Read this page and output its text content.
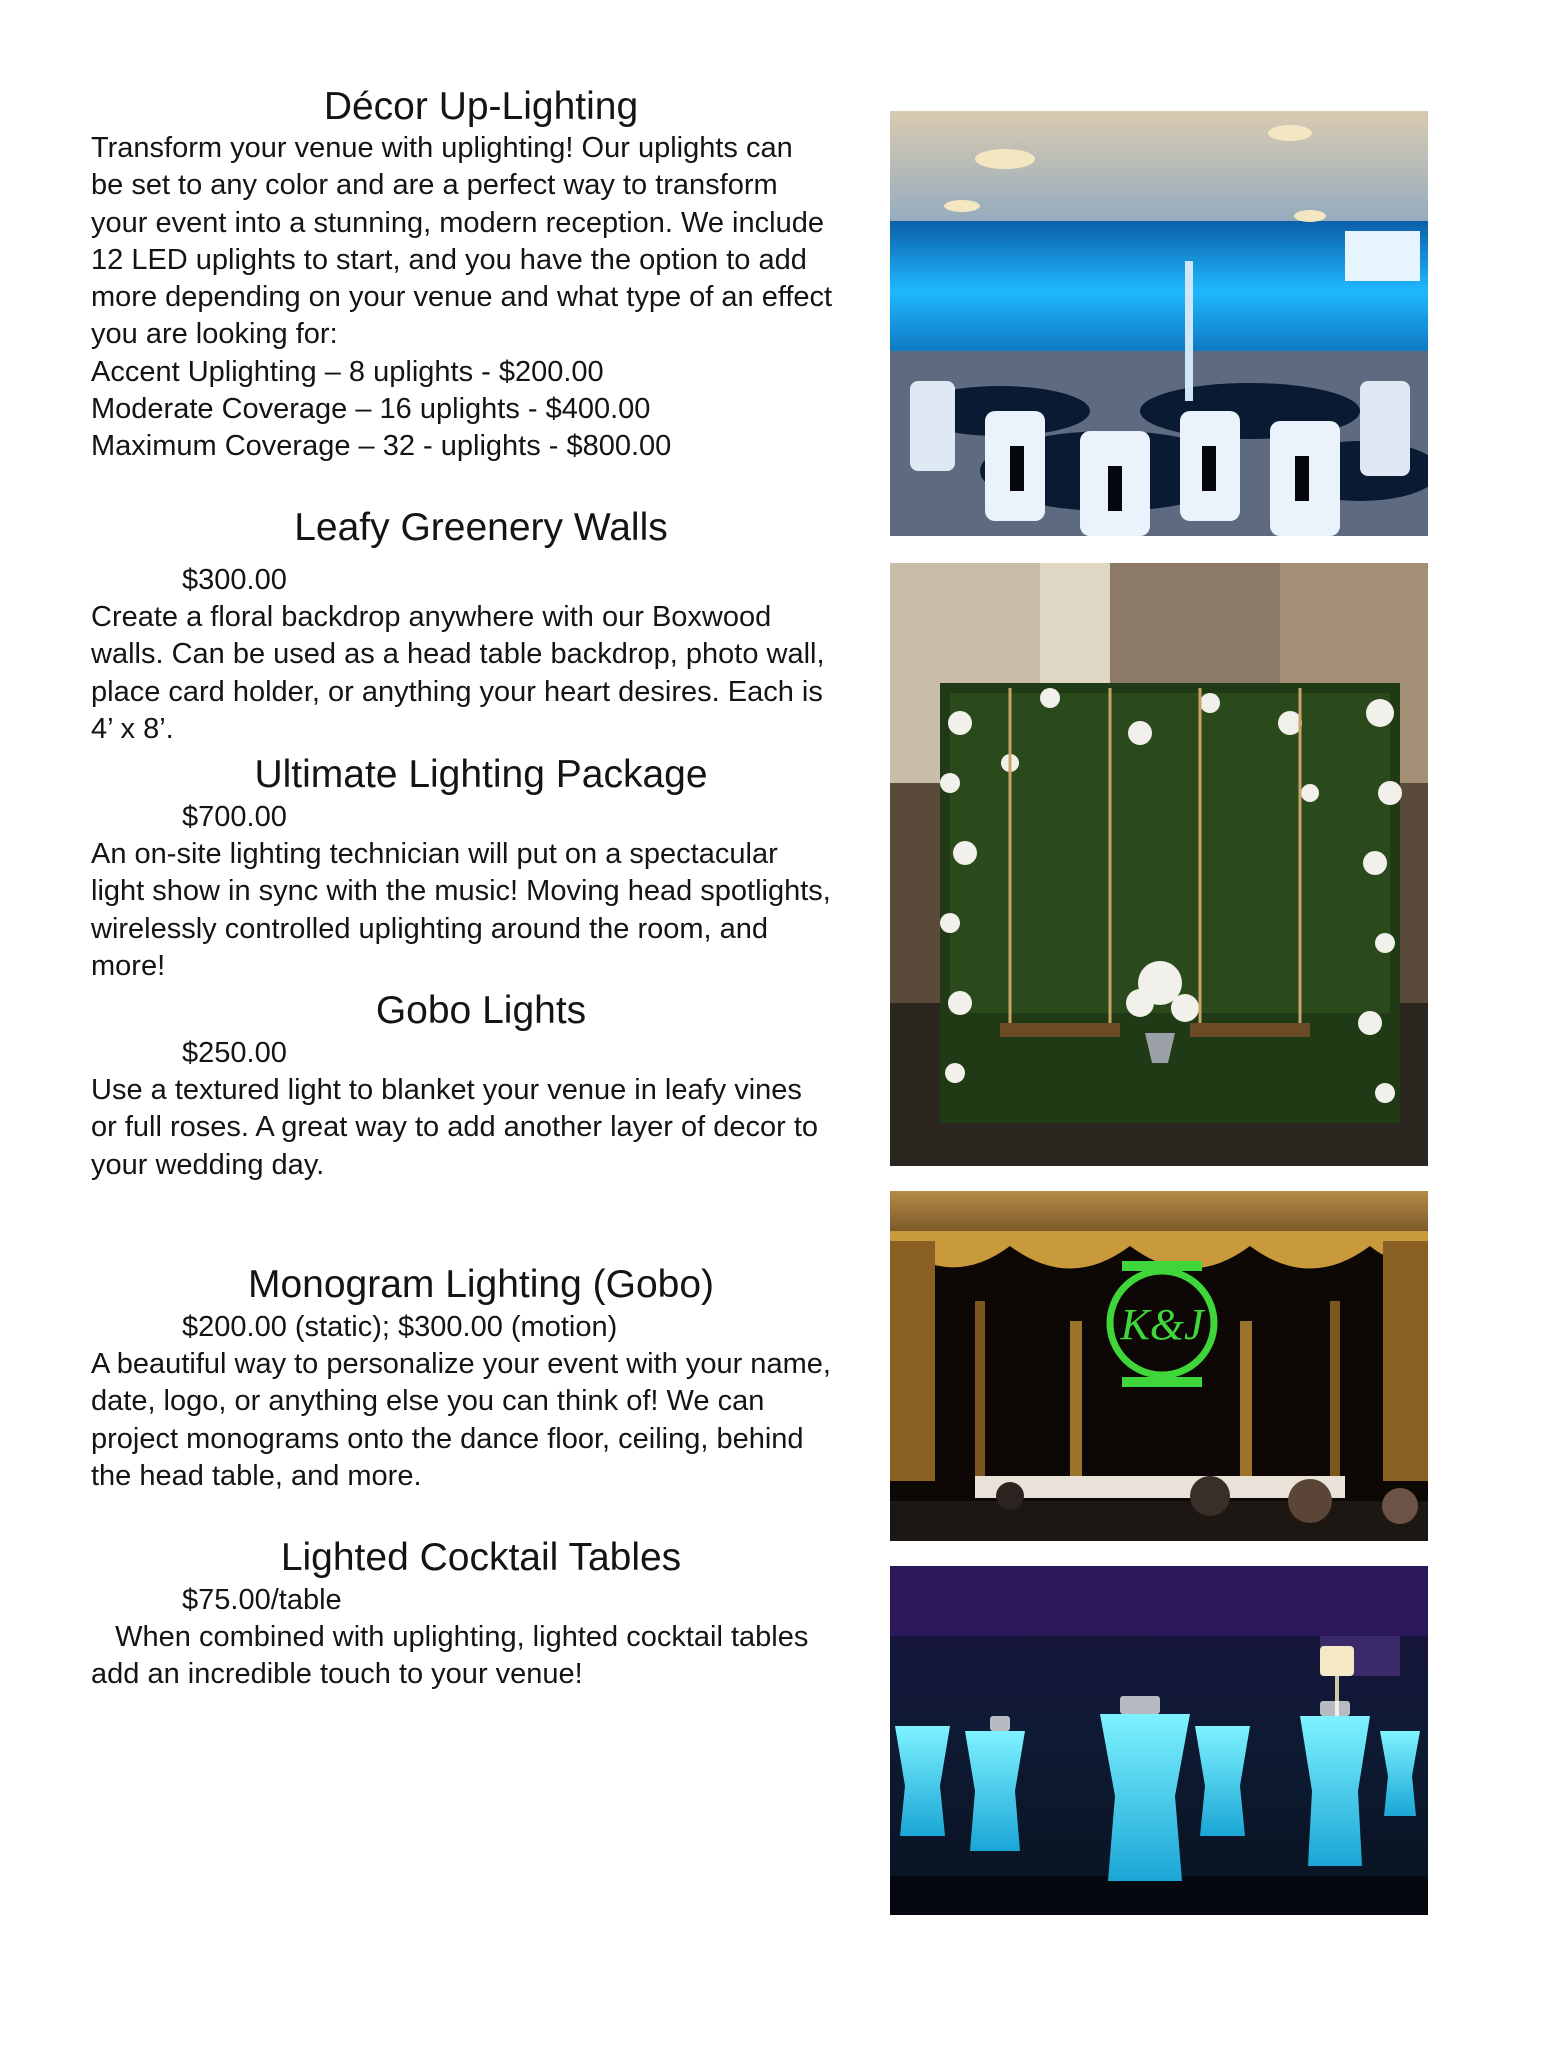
Décor Up-Lighting
Transform your venue with uplighting! Our uplights can
be set to any color and are a perfect way to transform
your event into a stunning, modern reception. We include
12 LED uplights to start, and you have the option to add
more depending on your venue and what type of an effect
you are looking for:
Accent Uplighting – 8 uplights - $200.00
Moderate Coverage – 16 uplights - $400.00
Maximum Coverage – 32 - uplights - $800.00
Leafy Greenery Walls

$300.00

Create a floral backdrop anywhere with our Boxwood
walls. Can be used as a head table backdrop, photo wall,
place card holder, or anything your heart desires. Each is
4’ x 8’.
Ultimate Lighting Package

$700.00

An on-site lighting technician will put on a spectacular
light show in sync with the music! Moving head spotlights,
wirelessly controlled uplighting around the room, and
more!
Gobo Lights

$250.00

Use a textured light to blanket your venue in leafy vines
or full roses. A great way to add another layer of decor to
your wedding day.
Monogram Lighting (Gobo)

$200.00 (static); $300.00 (motion)

A beautiful way to personalize your event with your name,
date, logo, or anything else you can think of! We can
project monograms onto the dance floor, ceiling, behind
the head table, and more.
Lighted Cocktail Tables

$75.00/table

When combined with uplighting, lighted cocktail tables
add an incredible touch to your venue!
K&J
